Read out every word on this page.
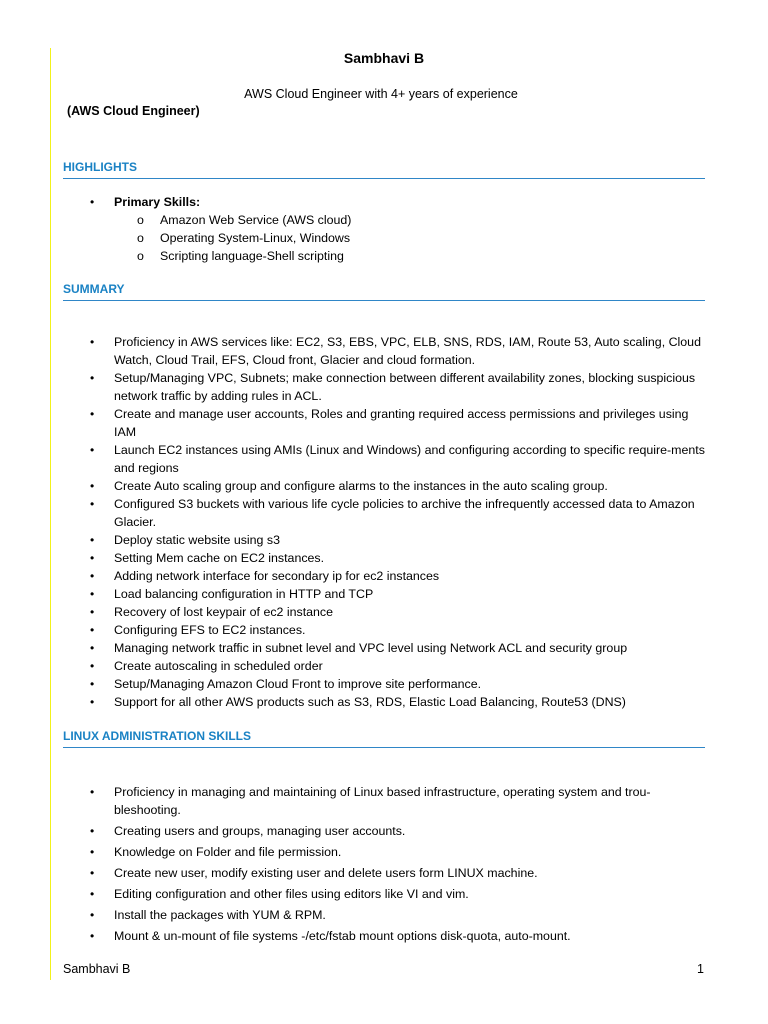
Sambhavi B
AWS Cloud Engineer with 4+ years of experience
(AWS Cloud Engineer)
HIGHLIGHTS
• Primary Skills:
o Amazon Web Service (AWS cloud)
o Operating System-Linux, Windows
o Scripting language-Shell scripting
SUMMARY
• Proficiency in AWS services like: EC2, S3, EBS, VPC, ELB, SNS, RDS, IAM, Route 53, Auto scaling, Cloud Watch, Cloud Trail, EFS, Cloud front, Glacier and cloud formation.
• Setup/Managing VPC, Subnets; make connection between different availability zones, blocking suspicious network traffic by adding rules in ACL.
• Create and manage user accounts, Roles and granting required access permissions and privileges using IAM
• Launch EC2 instances using AMIs (Linux and Windows) and configuring according to specific require-ments and regions
• Create Auto scaling group and configure alarms to the instances in the auto scaling group.
• Configured S3 buckets with various life cycle policies to archive the infrequently accessed data to Amazon Glacier.
• Deploy static website using s3
• Setting Mem cache on EC2 instances.
• Adding network interface for secondary ip for ec2 instances
• Load balancing configuration in HTTP and TCP
• Recovery of lost keypair of ec2 instance
• Configuring EFS to EC2 instances.
• Managing network traffic in subnet level and VPC level using Network ACL and security group
• Create autoscaling in scheduled order
• Setup/Managing Amazon Cloud Front to improve site performance.
• Support for all other AWS products such as S3, RDS, Elastic Load Balancing, Route53 (DNS)
LINUX ADMINISTRATION SKILLS
• Proficiency in managing and maintaining of Linux based infrastructure, operating system and trou-bleshooting.
• Creating users and groups, managing user accounts.
• Knowledge on Folder and file permission.
• Create new user, modify existing user and delete users form LINUX machine.
• Editing configuration and other files using editors like VI and vim.
• Install the packages with YUM & RPM.
• Mount & un-mount of file systems -/etc/fstab mount options disk-quota, auto-mount.
Sambhavi B	1
